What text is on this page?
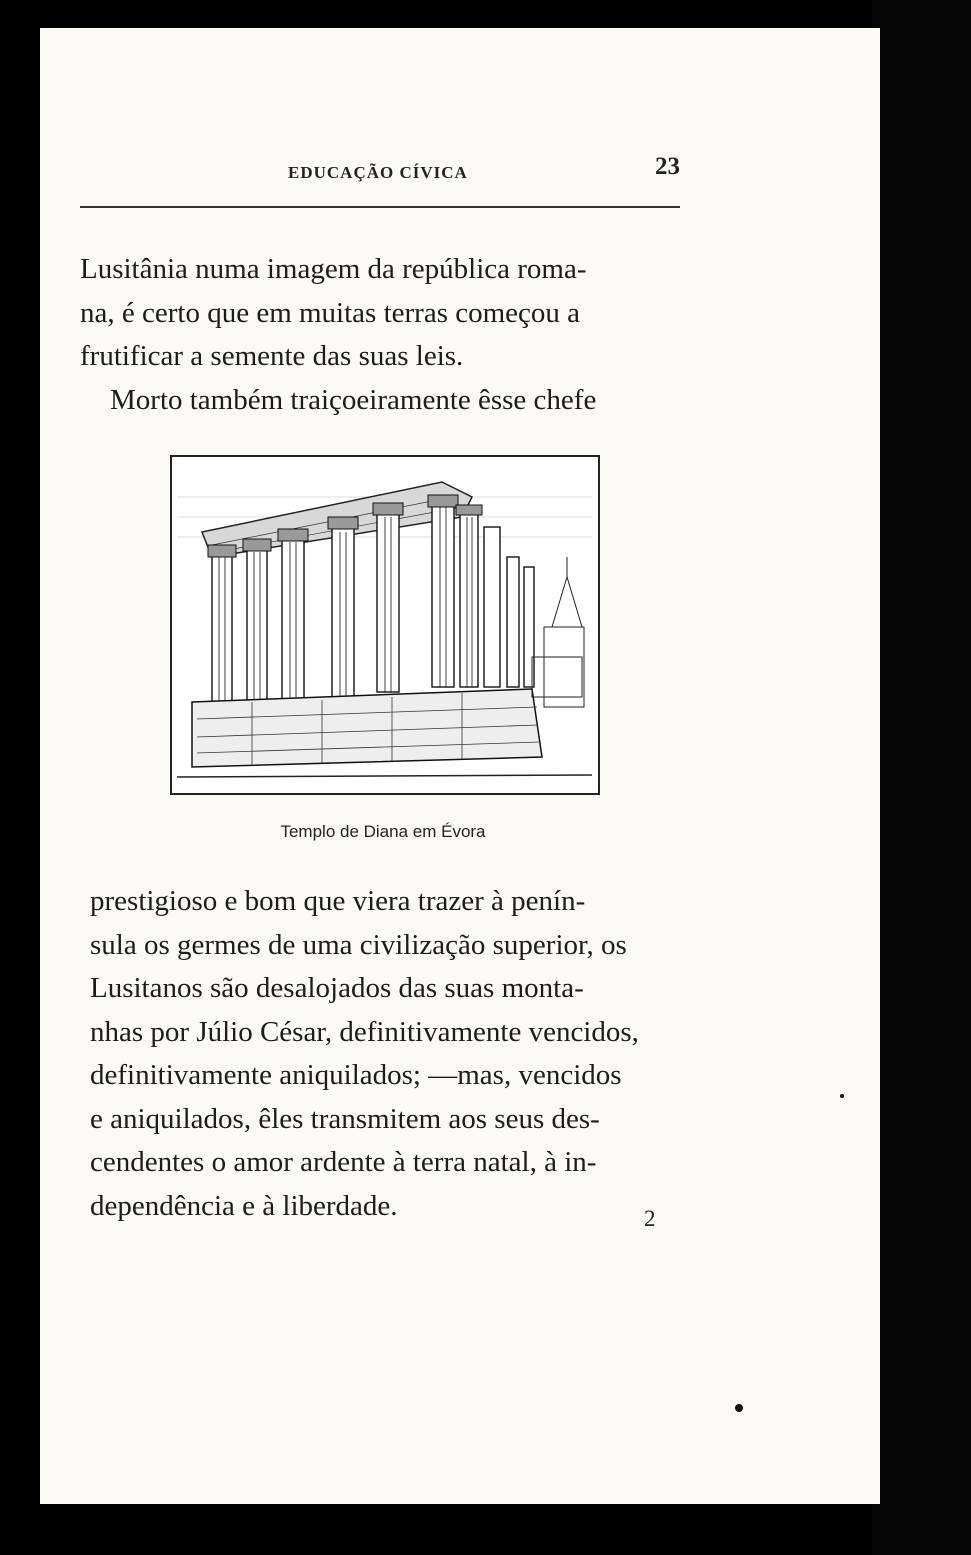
EDUCAÇÃO CÍVICA	23

Lusitânia numa imagem da república roma-
na, é certo que em muitas terras começou a
frutificar a semente das suas leis.
Morto também traiçoeiramente êsse chefe

Templo de Diana em Évora

prestigioso e bom que viera trazer à penín-
sula os germes de uma civilização superior, os
Lusitanos são desalojados das suas monta-
nhas por Júlio César, definitivamente vencidos,
definitivamente aniquilados; —mas, vencidos
e aniquilados, êles transmitem aos seus des-
cendentes o amor ardente à terra natal, à in-
dependência e à liberdade.	2
